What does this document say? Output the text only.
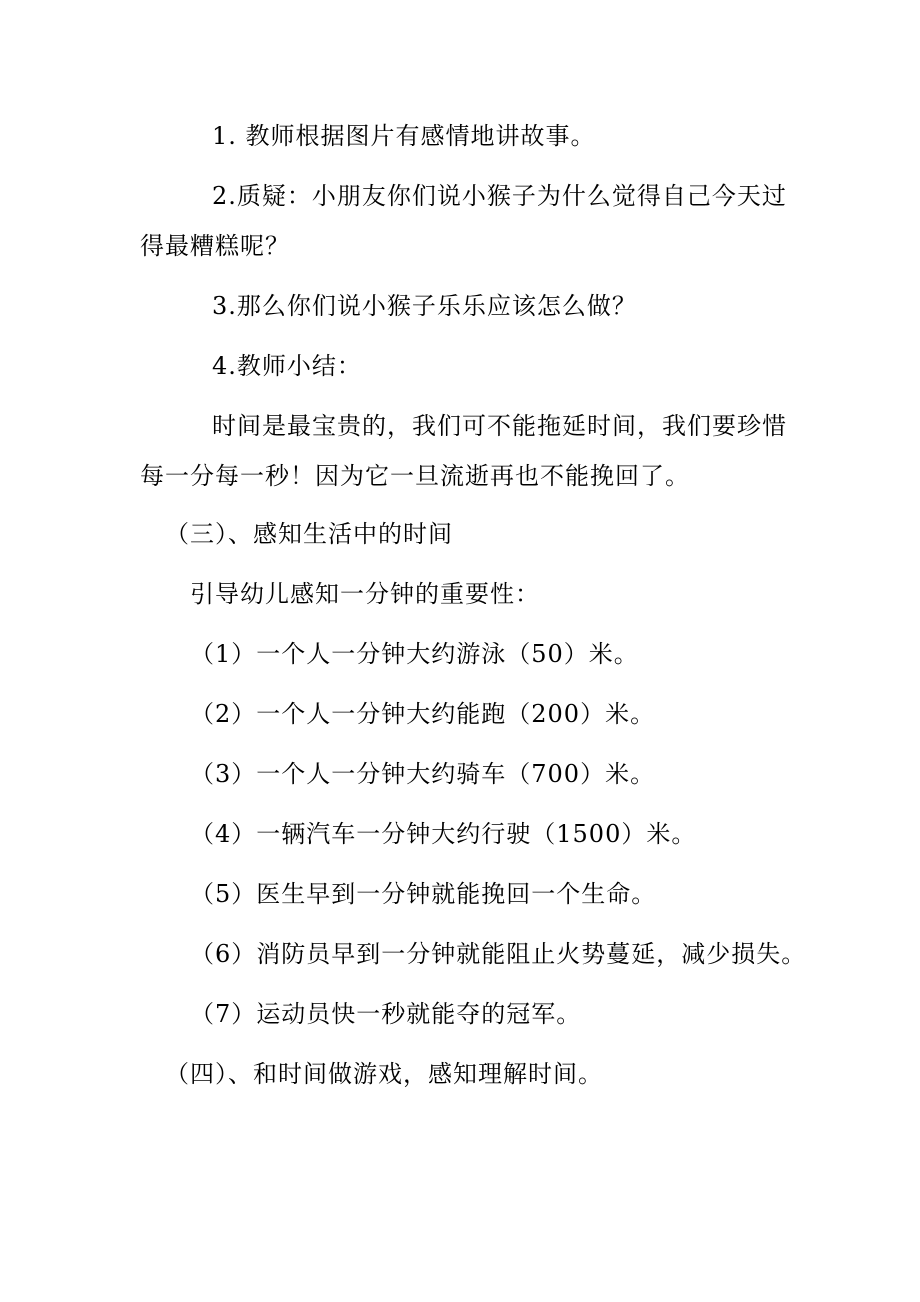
1. 教师根据图片有感情地讲故事。
2.质疑：小朋友你们说小猴子为什么觉得自己今天过
得最糟糕呢？
3.那么你们说小猴子乐乐应该怎么做？
4.教师小结：
时间是最宝贵的，我们可不能拖延时间，我们要珍惜
每一分每一秒！因为它一旦流逝再也不能挽回了。
（三）、感知生活中的时间
引导幼儿感知一分钟的重要性：
（1）一个人一分钟大约游泳（50）米。
（2）一个人一分钟大约能跑（200）米。
（3）一个人一分钟大约骑车（700）米。
（4）一辆汽车一分钟大约行驶（1500）米。
（5）医生早到一分钟就能挽回一个生命。
（6）消防员早到一分钟就能阻止火势蔓延，减少损失。
（7）运动员快一秒就能夺的冠军。
（四）、和时间做游戏，感知理解时间。
